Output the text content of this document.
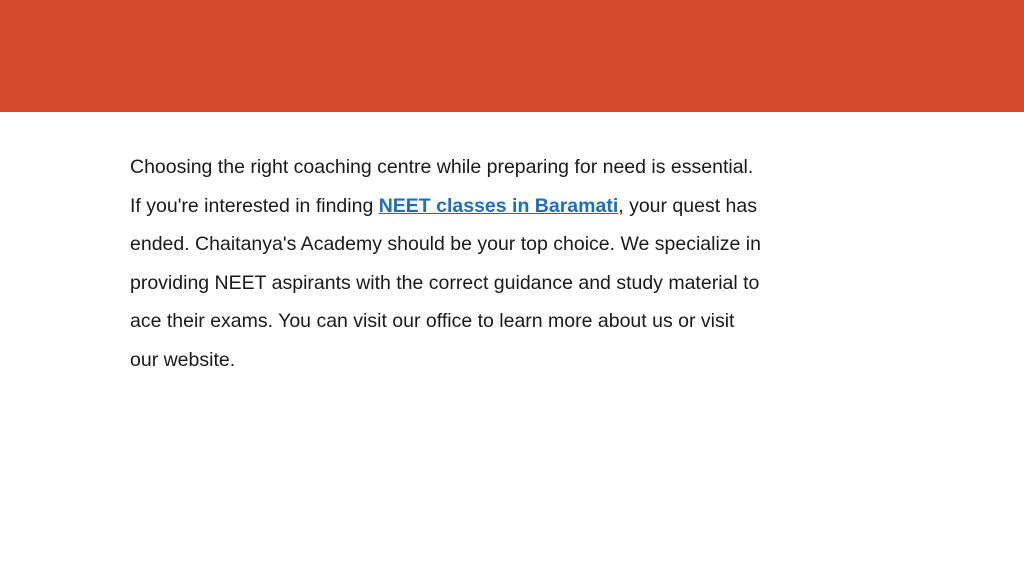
Choosing the right coaching centre while preparing for need is essential.
If you're interested in finding NEET classes in Baramati, your quest has
ended. Chaitanya's Academy should be your top choice. We specialize in
providing NEET aspirants with the correct guidance and study material to
ace their exams. You can visit our office to learn more about us or visit
our website.
